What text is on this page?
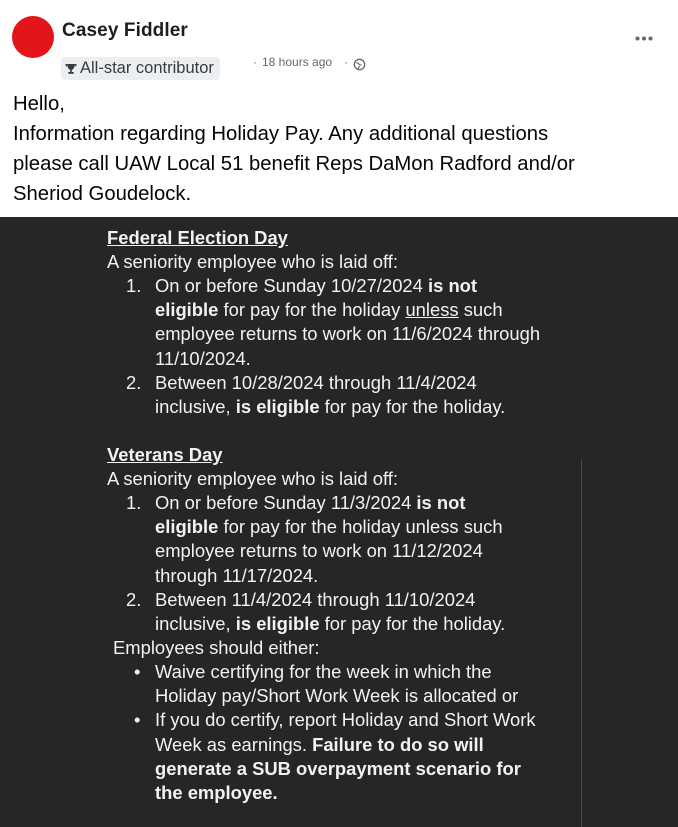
Casey Fiddler
All-star contributor	· 18 hours ago ·
Hello,
Information regarding Holiday Pay. Any additional questions
please call UAW Local 51 benefit Reps DaMon Radford and/or
Sheriod Goudelock.
Federal Election Day
A seniority employee who is laid off:
1. On or before Sunday 10/27/2024 is not
eligible for pay for the holiday unless such
employee returns to work on 11/6/2024 through
11/10/2024.
2. Between 10/28/2024 through 11/4/2024
inclusive, is eligible for pay for the holiday.
Veterans Day
A seniority employee who is laid off:
1. On or before Sunday 11/3/2024 is not
eligible for pay for the holiday unless such
employee returns to work on 11/12/2024
through 11/17/2024.
2. Between 11/4/2024 through 11/10/2024
inclusive, is eligible for pay for the holiday.
Employees should either:
• Waive certifying for the week in which the
Holiday pay/Short Work Week is allocated or
• If you do certify, report Holiday and Short Work
Week as earnings. Failure to do so will
generate a SUB overpayment scenario for
the employee.
